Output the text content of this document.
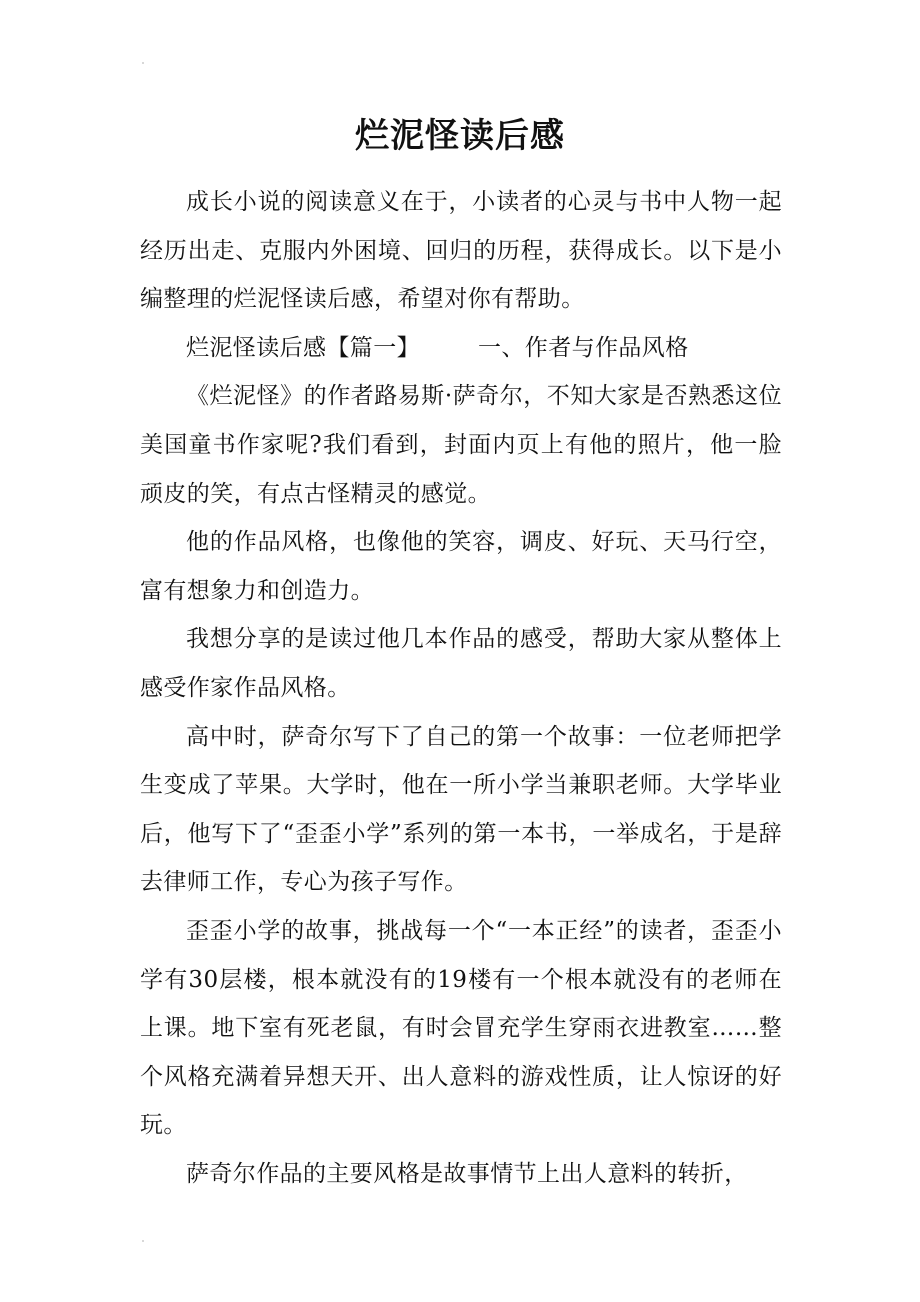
烂泥怪读后感

成长小说的阅读意义在于，小读者的心灵与书中人物一起经历出走、克服内外困境、回归的历程，获得成长。以下是小编整理的烂泥怪读后感，希望对你有帮助。

烂泥怪读后感【篇一】	一、作者与作品风格

《烂泥怪》的作者路易斯·萨奇尔，不知大家是否熟悉这位美国童书作家呢?我们看到，封面内页上有他的照片，他一脸顽皮的笑，有点古怪精灵的感觉。

他的作品风格，也像他的笑容，调皮、好玩、天马行空，富有想象力和创造力。

我想分享的是读过他几本作品的感受，帮助大家从整体上感受作家作品风格。

高中时，萨奇尔写下了自己的第一个故事：一位老师把学生变成了苹果。大学时，他在一所小学当兼职老师。大学毕业后，他写下了“歪歪小学”系列的第一本书，一举成名，于是辞去律师工作，专心为孩子写作。

歪歪小学的故事，挑战每一个“一本正经”的读者，歪歪小学有30层楼，根本就没有的19楼有一个根本就没有的老师在上课。地下室有死老鼠，有时会冒充学生穿雨衣进教室……整个风格充满着异想天开、出人意料的游戏性质，让人惊讶的好玩。

萨奇尔作品的主要风格是故事情节上出人意料的转折，
